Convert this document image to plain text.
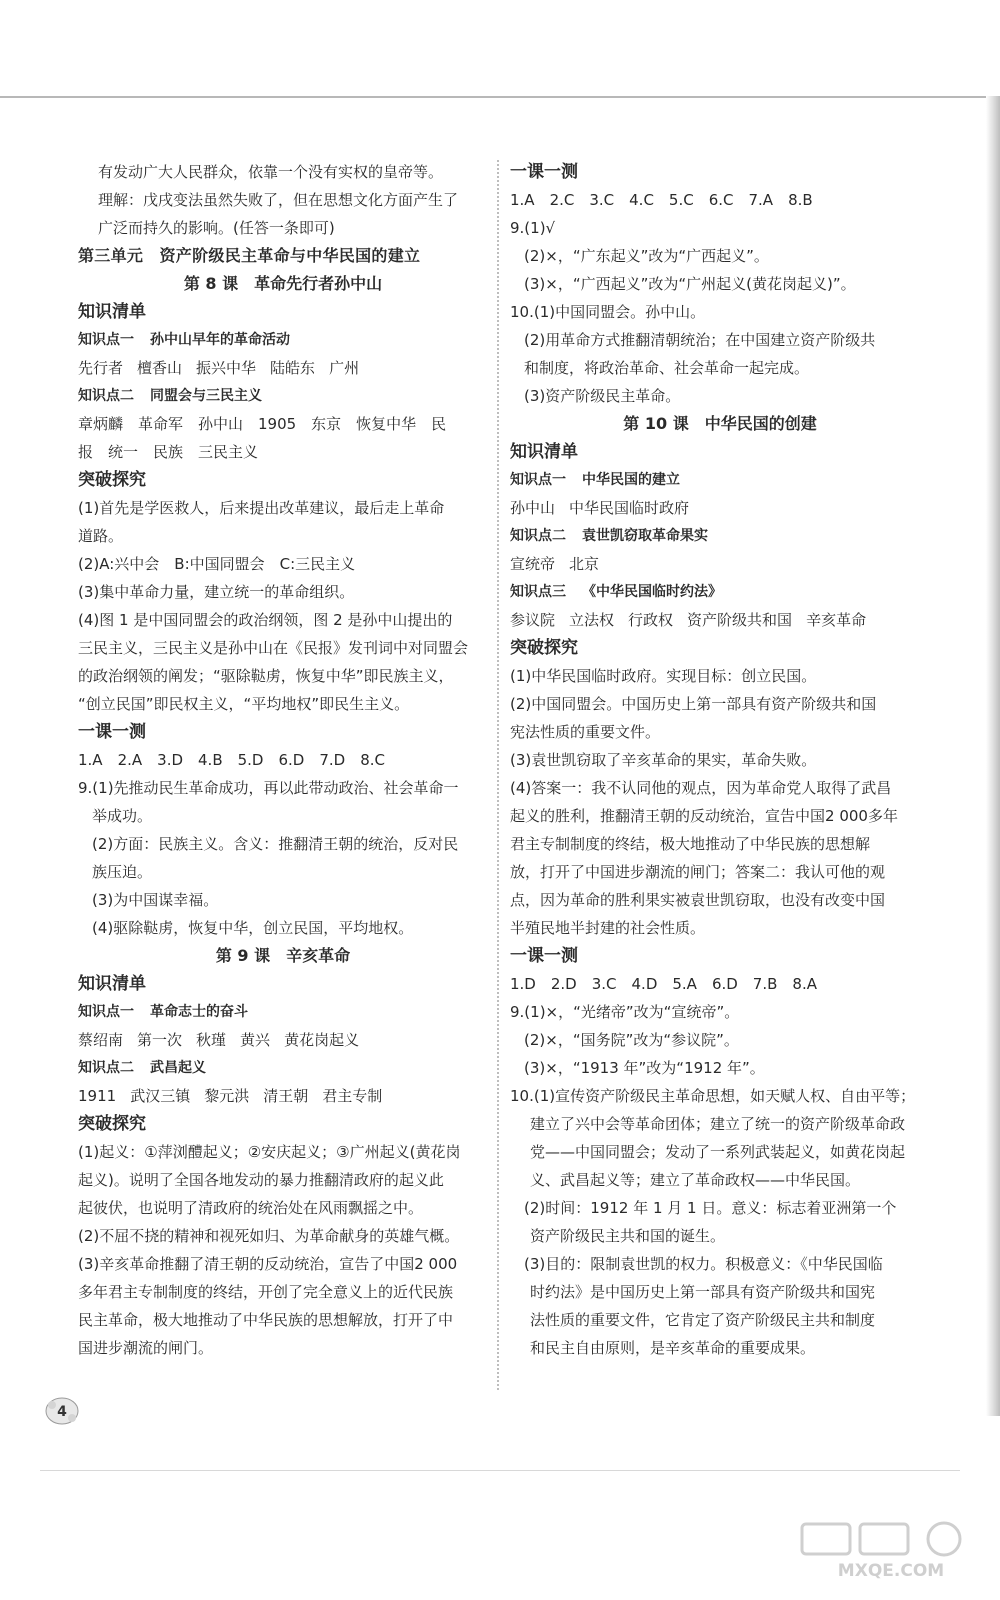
有发动广大人民群众，依靠一个没有实权的皇帝等。

理解：戊戌变法虽然失败了，但在思想文化方面产生了

广泛而持久的影响。(任答一条即可)

第三单元　资产阶级民主革命与中华民国的建立

第 8 课　革命先行者孙中山

知识清单

知识点一 孙中山早年的革命活动

先行者 檀香山 振兴中华 陆皓东 广州

知识点二 同盟会与三民主义

章炳麟　革命军　孙中山　1905　东京　恢复中华　民

报　统一　民族　三民主义

突破探究

(1)首先是学医救人，后来提出改革建议，最后走上革命

道路。

(2)A:兴中会　B:中国同盟会　C:三民主义

(3)集中革命力量，建立统一的革命组织。

(4)图 1 是中国同盟会的政治纲领，图 2 是孙中山提出的

三民主义，三民主义是孙中山在《民报》发刊词中对同盟会

的政治纲领的阐发；“驱除鞑虏，恢复中华”即民族主义，

“创立民国”即民权主义，“平均地权”即民生主义。

一课一测

1.A　2.A　3.D　4.B　5.D　6.D　7.D　8.C

9.(1)先推动民生革命成功，再以此带动政治、社会革命一

举成功。

(2)方面：民族主义。含义：推翻清王朝的统治，反对民

族压迫。

(3)为中国谋幸福。

(4)驱除鞑虏，恢复中华，创立民国，平均地权。

第 9 课　辛亥革命

知识清单

知识点一 革命志士的奋斗

蔡绍南 第一次 秋瑾 黄兴 黄花岗起义

知识点二 武昌起义

1911 武汉三镇 黎元洪 清王朝 君主专制

突破探究

(1)起义：①萍浏醴起义；②安庆起义；③广州起义(黄花岗

起义)。说明了全国各地发动的暴力推翻清政府的起义此

起彼伏，也说明了清政府的统治处在风雨飘摇之中。

(2)不屈不挠的精神和视死如归、为革命献身的英雄气概。

(3)辛亥革命推翻了清王朝的反动统治，宣告了中国2 000

多年君主专制制度的终结，开创了完全意义上的近代民族

民主革命，极大地推动了中华民族的思想解放，打开了中

国进步潮流的闸门。

一课一测

1.A　2.C　3.C　4.C　5.C　6.C　7.A　8.B

9.(1)√

(2)×，“广东起义”改为“广西起义”。

(3)×，“广西起义”改为“广州起义(黄花岗起义)”。

10.(1)中国同盟会。孙中山。

(2)用革命方式推翻清朝统治；在中国建立资产阶级共

和制度，将政治革命、社会革命一起完成。

(3)资产阶级民主革命。

第 10 课　中华民国的创建

知识清单

知识点一 中华民国的建立

孙中山 中华民国临时政府

知识点二 袁世凯窃取革命果实

宣统帝 北京

知识点三 《中华民国临时约法》

参议院 立法权 行政权 资产阶级共和国 辛亥革命

突破探究

(1)中华民国临时政府。实现目标：创立民国。

(2)中国同盟会。中国历史上第一部具有资产阶级共和国

宪法性质的重要文件。

(3)袁世凯窃取了辛亥革命的果实，革命失败。

(4)答案一：我不认同他的观点，因为革命党人取得了武昌

起义的胜利，推翻清王朝的反动统治，宣告中国2 000多年

君主专制制度的终结，极大地推动了中华民族的思想解

放，打开了中国进步潮流的闸门；答案二：我认可他的观

点，因为革命的胜利果实被袁世凯窃取，也没有改变中国

半殖民地半封建的社会性质。

一课一测

1.D　2.D　3.C　4.D　5.A　6.D　7.B　8.A

9.(1)×，“光绪帝”改为“宣统帝”。

(2)×，“国务院”改为“参议院”。

(3)×，“1913 年”改为“1912 年”。

10.(1)宣传资产阶级民主革命思想，如天赋人权、自由平等；

建立了兴中会等革命团体；建立了统一的资产阶级革命政

党——中国同盟会；发动了一系列武装起义，如黄花岗起

义、武昌起义等；建立了革命政权——中华民国。

(2)时间：1912 年 1 月 1 日。意义：标志着亚洲第一个

资产阶级民主共和国的诞生。

(3)目的：限制袁世凯的权力。积极意义：《中华民国临

时约法》是中国历史上第一部具有资产阶级共和国宪

法性质的重要文件，它肯定了资产阶级民主共和制度

和民主自由原则，是辛亥革命的重要成果。

4
MXQE.COM
